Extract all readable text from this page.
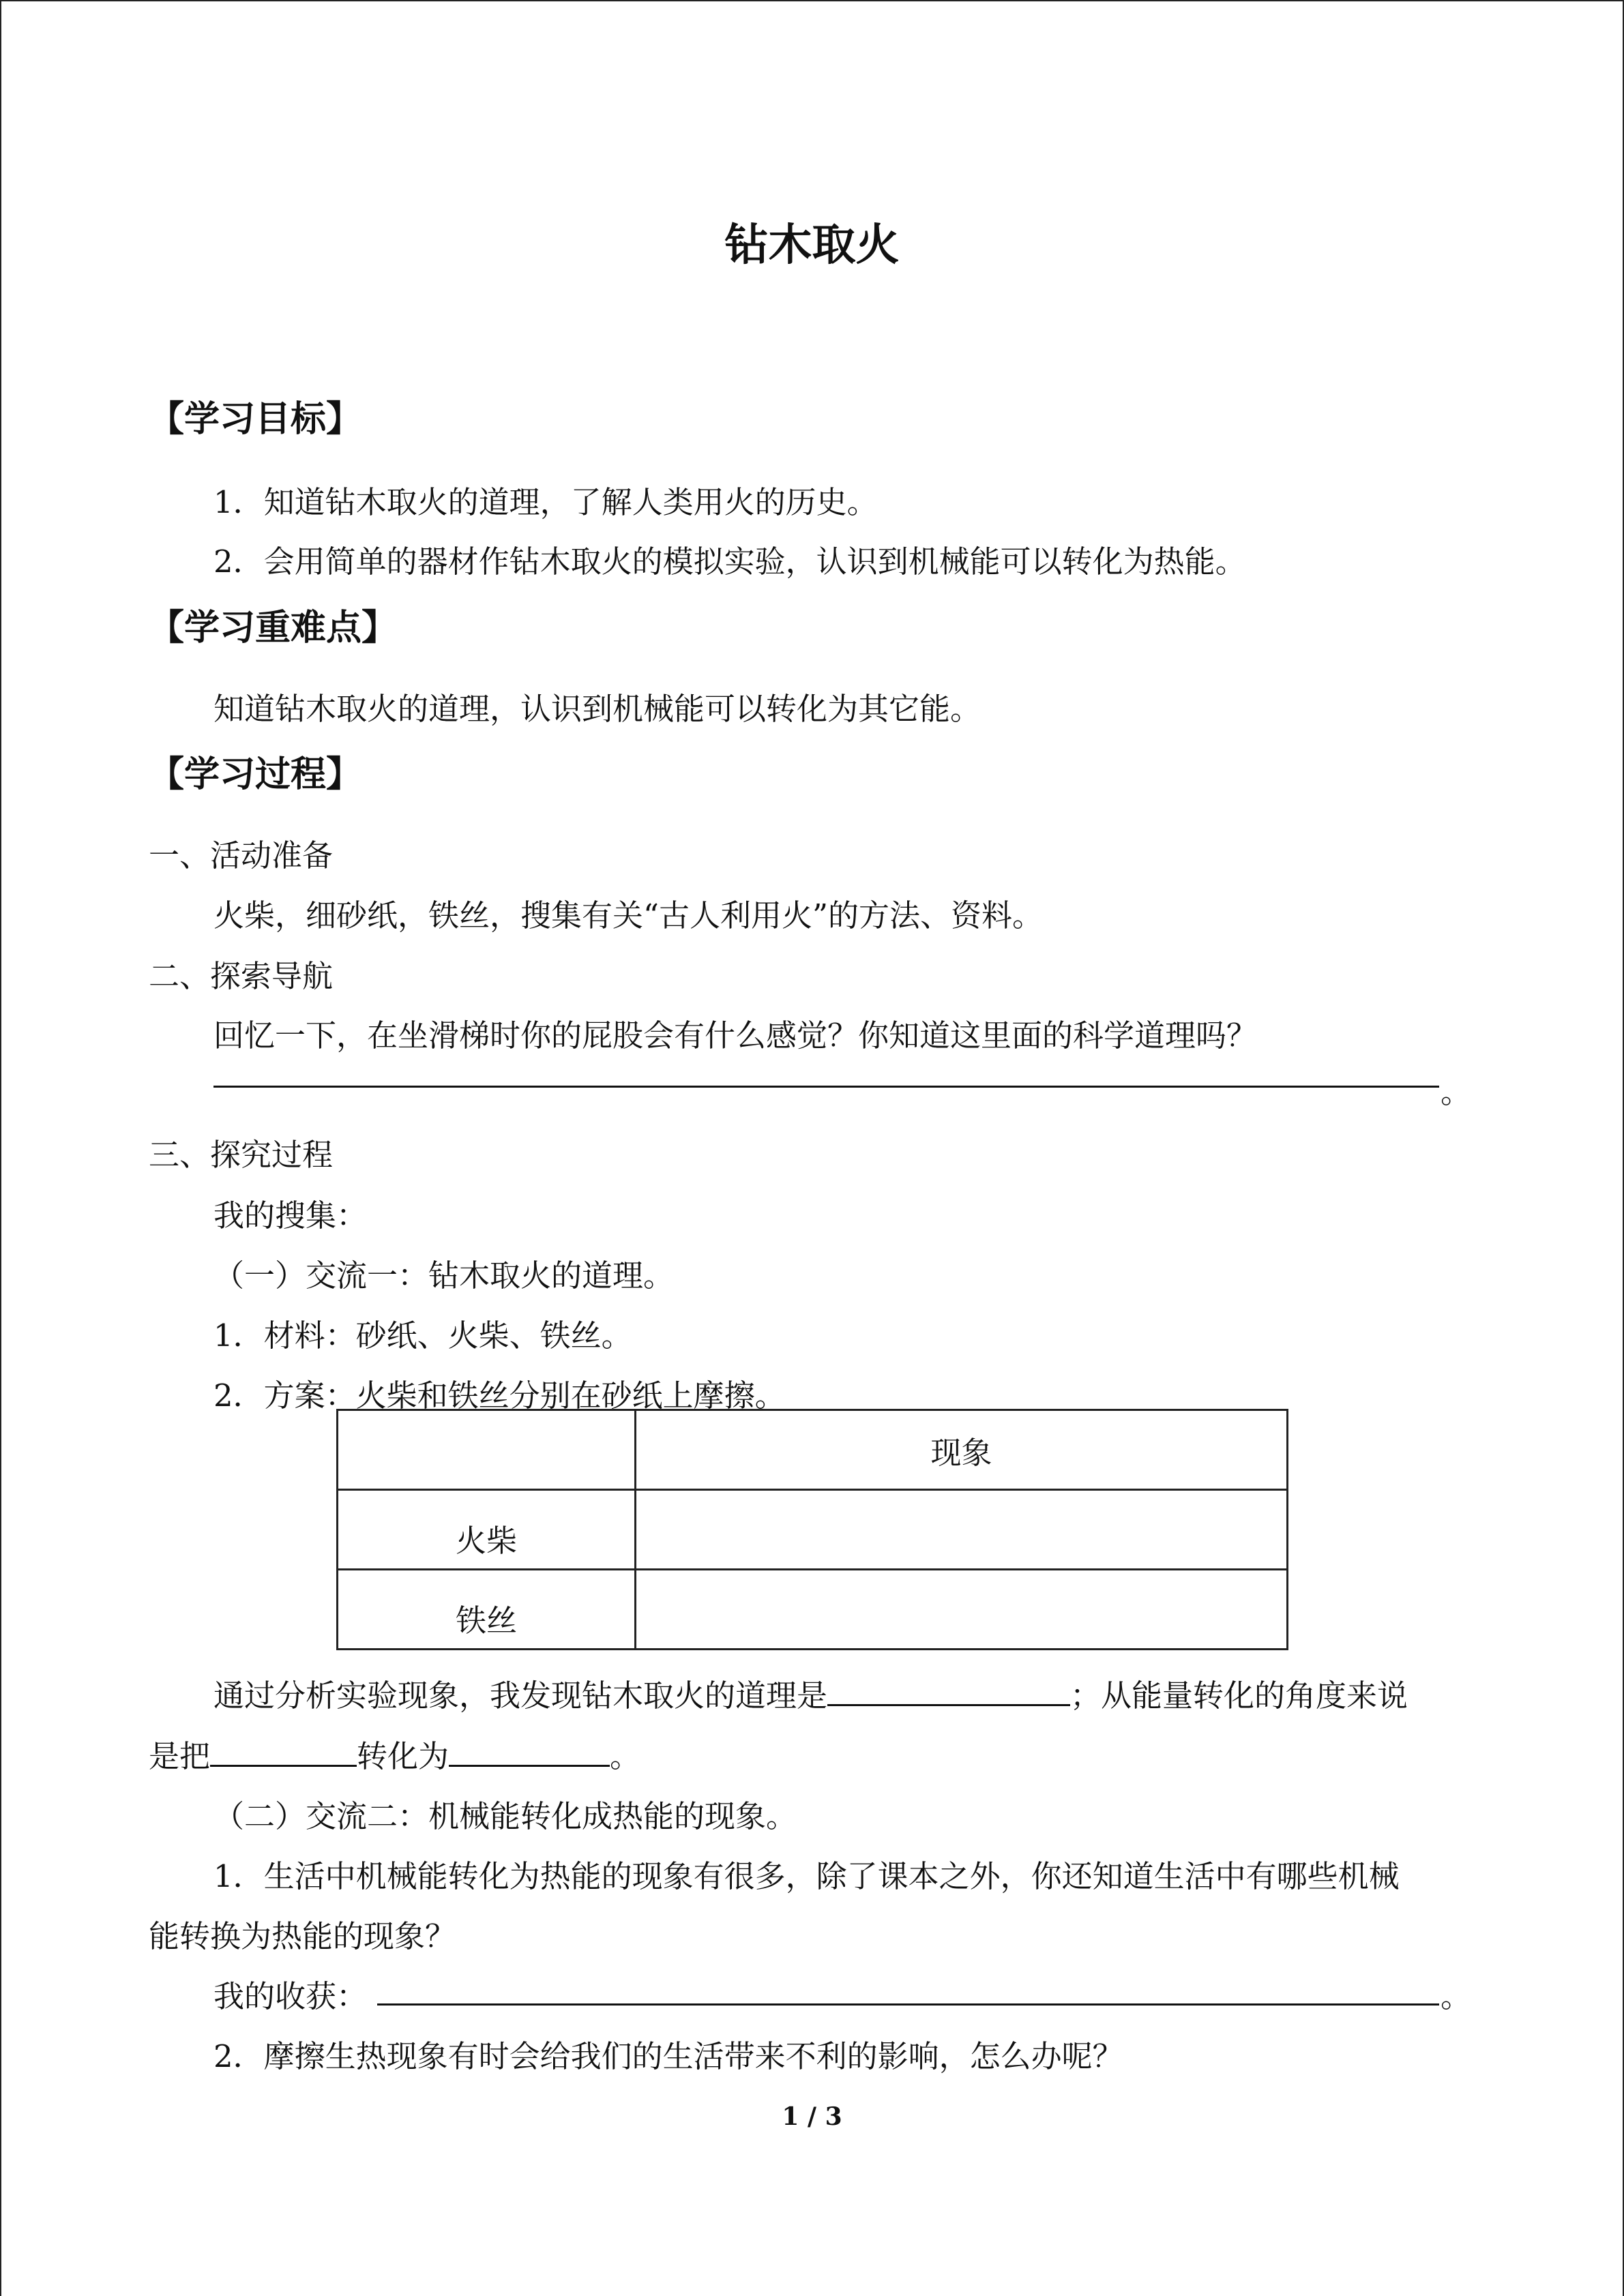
钻木取火
【学习目标】
1．知道钻木取火的道理，了解人类用火的历史。
2．会用简单的器材作钻木取火的模拟实验，认识到机械能可以转化为热能。
【学习重难点】
知道钻木取火的道理，认识到机械能可以转化为其它能。
【学习过程】
一、活动准备
火柴，细砂纸，铁丝，搜集有关“古人利用火”的方法、资料。
二、探索导航
回忆一下，在坐滑梯时你的屁股会有什么感觉？你知道这里面的科学道理吗？
。
三、探究过程
我的搜集：
（一）交流一：钻木取火的道理。
1．材料：砂纸、火柴、铁丝。
2．方案：火柴和铁丝分别在砂纸上摩擦。
	现象
火柴	
铁丝	
通过分析实验现象，我发现钻木取火的道理是	；从能量转化的角度来说
是把	转化为	。
（二）交流二：机械能转化成热能的现象。
1．生活中机械能转化为热能的现象有很多，除了课本之外，你还知道生活中有哪些机械
能转换为热能的现象？
我的收获：	。
2．摩擦生热现象有时会给我们的生活带来不利的影响，怎么办呢？
1 / 3
